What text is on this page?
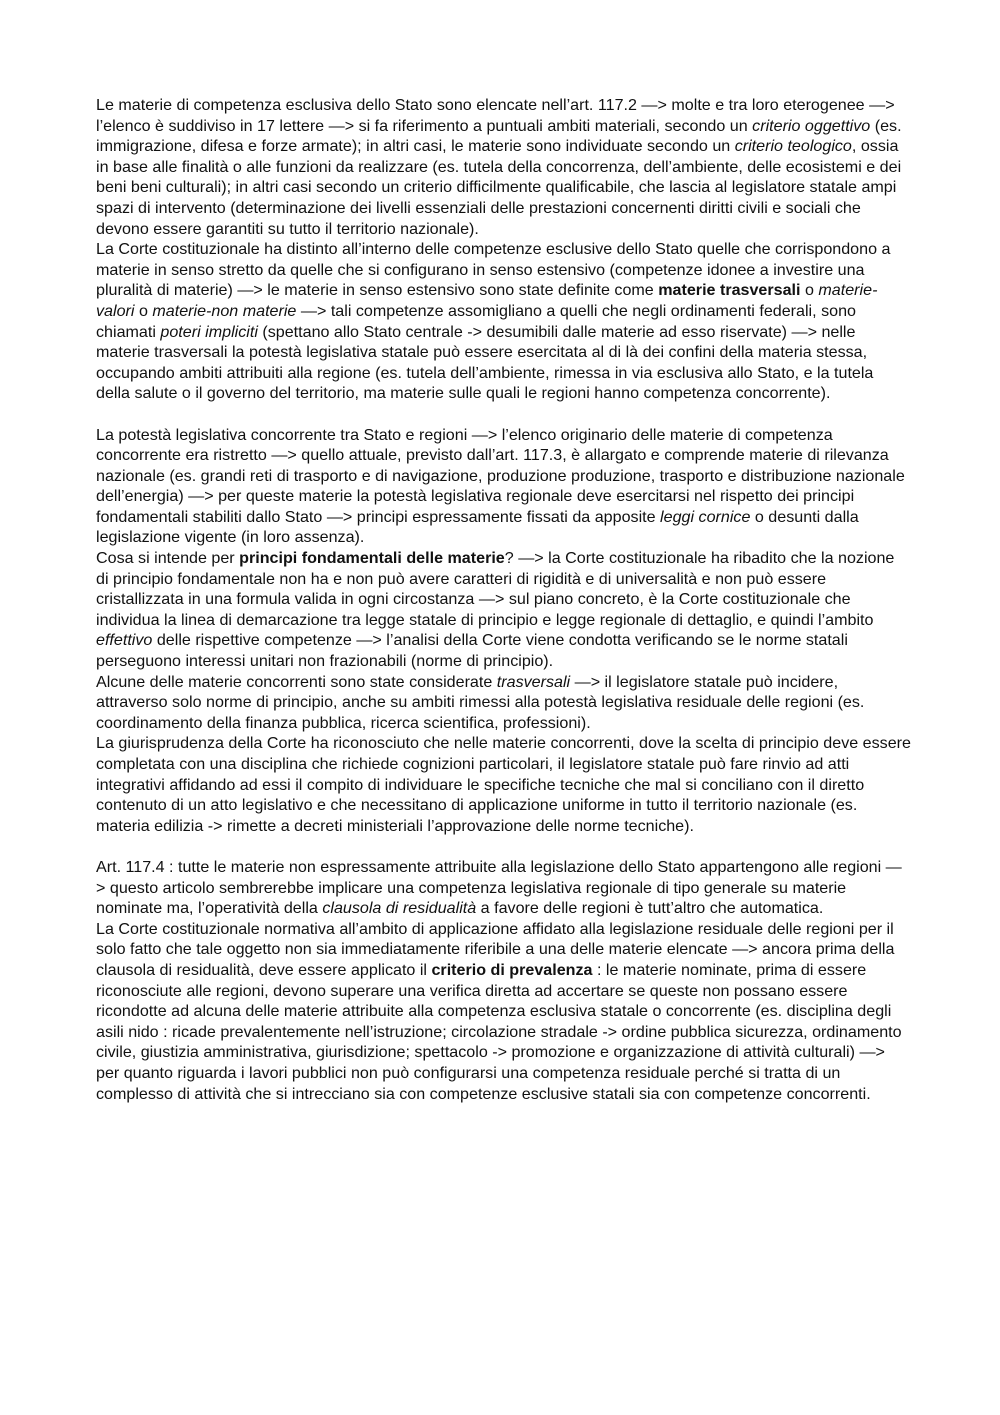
Le materie di competenza esclusiva dello Stato sono elencate nell’art. 117.2 —> molte e tra loro eterogenee —> l’elenco è suddiviso in 17 lettere —> si fa riferimento a puntuali ambiti materiali, secondo un criterio oggettivo (es. immigrazione, difesa e forze armate); in altri casi, le materie sono individuate secondo un criterio teologico, ossia in base alle finalità o alle funzioni da realizzare (es. tutela della concorrenza, dell’ambiente, delle ecosistemi e dei beni beni culturali); in altri casi secondo un criterio difficilmente qualificabile, che lascia al legislatore statale ampi spazi di intervento (determinazione dei livelli essenziali delle prestazioni concernenti diritti civili e sociali che devono essere garantiti su tutto il territorio nazionale).

La Corte costituzionale ha distinto all’interno delle competenze esclusive dello Stato quelle che corrispondono a materie in senso stretto da quelle che si configurano in senso estensivo (competenze idonee a investire una pluralità di materie) —> le materie in senso estensivo sono state definite come materie trasversali o materie-valori o materie-non materie —> tali competenze assomigliano a quelli che negli ordinamenti federali, sono chiamati poteri impliciti (spettano allo Stato centrale -> desumibili dalle materie ad esso riservate) —> nelle materie trasversali la potestà legislativa statale può essere esercitata al di là dei confini della materia stessa, occupando ambiti attribuiti alla regione (es. tutela dell’ambiente, rimessa in via esclusiva allo Stato, e la tutela della salute o il governo del territorio, ma materie sulle quali le regioni hanno competenza concorrente).

La potestà legislativa concorrente tra Stato e regioni —> l’elenco originario delle materie di competenza concorrente era ristretto —> quello attuale, previsto dall’art. 117.3, è allargato e comprende materie di rilevanza nazionale (es. grandi reti di trasporto e di navigazione, produzione produzione, trasporto e distribuzione nazionale dell’energia) —> per queste materie la potestà legislativa regionale deve esercitarsi nel rispetto dei principi fondamentali stabiliti dallo Stato —> principi espressamente fissati da apposite leggi cornice o desunti dalla legislazione vigente (in loro assenza).

Cosa si intende per principi fondamentali delle materie? —> la Corte costituzionale ha ribadito che la nozione di principio fondamentale non ha e non può avere caratteri di rigidità e di universalità e non può essere cristallizzata in una formula valida in ogni circostanza —> sul piano concreto, è la Corte costituzionale che individua la linea di demarcazione tra legge statale di principio e legge regionale di dettaglio, e quindi l’ambito effettivo delle rispettive competenze —> l’analisi della Corte viene condotta verificando se le norme statali perseguono interessi unitari non frazionabili (norme di principio).

Alcune delle materie concorrenti sono state considerate trasversali —> il legislatore statale può incidere, attraverso solo norme di principio, anche su ambiti rimessi alla potestà legislativa residuale delle regioni (es. coordinamento della finanza pubblica, ricerca scientifica, professioni).

La giurisprudenza della Corte ha riconosciuto che nelle materie concorrenti, dove la scelta di principio deve essere completata con una disciplina che richiede cognizioni particolari, il legislatore statale può fare rinvio ad atti integrativi affidando ad essi il compito di individuare le specifiche tecniche che mal si conciliano con il diretto contenuto di un atto legislativo e che necessitano di applicazione uniforme in tutto il territorio nazionale (es. materia edilizia -> rimette a decreti ministeriali l’approvazione delle norme tecniche).

Art. 117.4 : tutte le materie non espressamente attribuite alla legislazione dello Stato appartengono alle regioni —> questo articolo sembrerebbe implicare una competenza legislativa regionale di tipo generale su materie nominate ma, l’operatività della clausola di residualità a favore delle regioni è tutt’altro che automatica.

La Corte costituzionale normativa all’ambito di applicazione affidato alla legislazione residuale delle regioni per il solo fatto che tale oggetto non sia immediatamente riferibile a una delle materie elencate —> ancora prima della clausola di residualità, deve essere applicato il criterio di prevalenza : le materie nominate, prima di essere riconosciute alle regioni, devono superare una verifica diretta ad accertare se queste non possano essere ricondotte ad alcuna delle materie attribuite alla competenza esclusiva statale o concorrente (es. disciplina degli asili nido : ricade prevalentemente nell’istruzione; circolazione stradale -> ordine pubblica sicurezza, ordinamento civile, giustizia amministrativa, giurisdizione; spettacolo -> promozione e organizzazione di attività culturali) —> per quanto riguarda i lavori pubblici non può configurarsi una competenza residuale perché si tratta di un complesso di attività che si intrecciano sia con competenze esclusive statali sia con competenze concorrenti.
